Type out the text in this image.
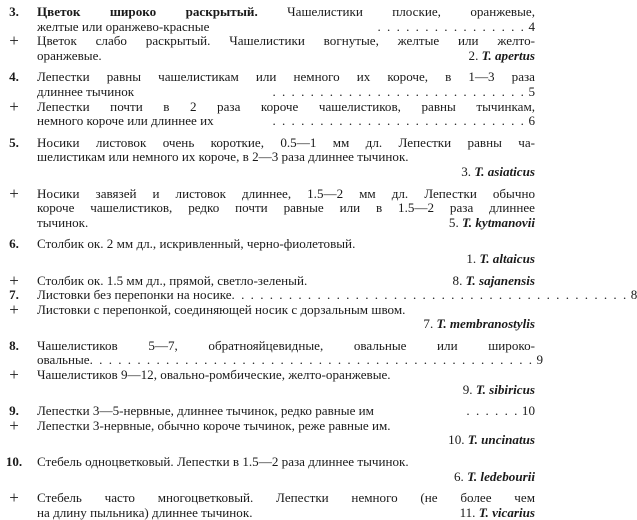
3.	Цветок широко раскрытый. Чашелистики плоские, оранжевые,
желтые или оранжево-красные	. . . . . . . . . . . . . . . . 4
+	Цветок слабо раскрытый. Чашелистики вогнутые, желтые или желто-
оранжевые.	2. T. apertus
4.	Лепестки равны чашелистикам или немного их короче, в 1—3 раза
длиннее тычинок	. . . . . . . . . . . . . . . . . . . . . . . . . . . 5
+	Лепестки почти в 2 раза короче чашелистиков, равны тычинкам,
немного короче или длиннее их	. . . . . . . . . . . . . . . . . . . . . . . . . . . 6
5.	Носики листовок очень короткие, 0.5—1 мм дл. Лепестки равны ча-
шелистикам или немного их короче, в 2—3 раза длиннее тычинок.
3. T. asiaticus
+	Носики завязей и листовок длиннее, 1.5—2 мм дл. Лепестки обычно
короче чашелистиков, редко почти равные или в 1.5—2 раза длиннее
тычинок.	5. T. kytmanovii
6.	Столбик ок. 2 мм дл., искривленный, черно-фиолетовый.
1. T. altaicus
+	Столбик ок. 1.5 мм дл., прямой, светло-зеленый.	8. T. sajanensis
7.	Листовки без перепонки на носике . . . . . . . . . . . . . . . . . . . . . . . . . . . . . . . . . . . . . . . . . . 8
+	Листовки с перепонкой, соединяющей носик с дорзальным швом.
7. T. membranostylis
8.	Чашелистиков 5—7, обратнояйцевидные, овальные или широко-
овальные . . . . . . . . . . . . . . . . . . . . . . . . . . . . . . . . . . . . . . . . . . . . . . . 9
+	Чашелистиков 9—12, овально-ромбические, желто-оранжевые.
9. T. sibiricus
9.	Лепестки 3—5-нервные, длиннее тычинок, редко равные им	. . . . . . 10
+	Лепестки 3-нервные, обычно короче тычинок, реже равные им.
10. T. uncinatus
10.	Стебель одноцветковый. Лепестки в 1.5—2 раза длиннее тычинок.
6. T. ledebourii
+	Стебель часто многоцветковый. Лепестки немного (не более чем
на длину пыльника) длиннее тычинок.	11. T. vicarius
